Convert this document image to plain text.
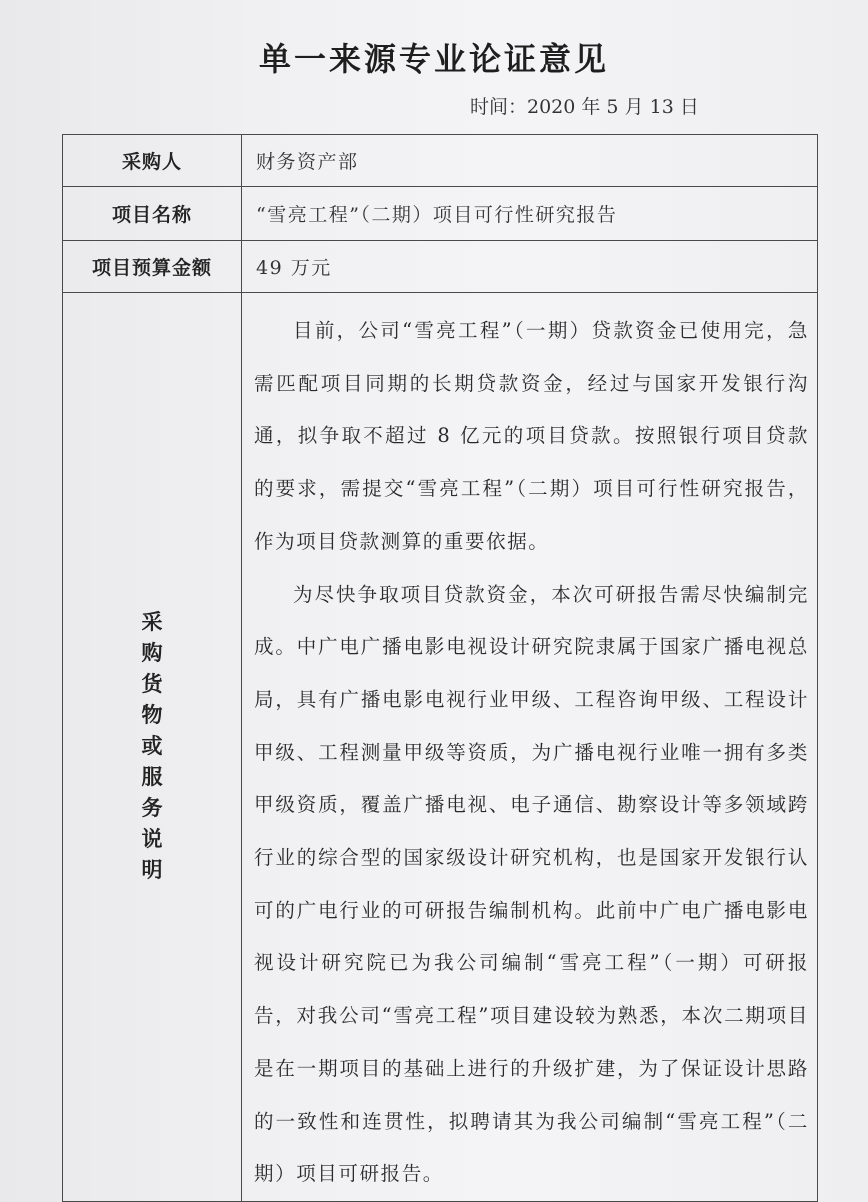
单一来源专业论证意见
时间：2020 年 5 月 13 日
采购人	财务资产部
项目名称	“雪亮工程”（二期）项目可行性研究报告
项目预算金额	49 万元
采购货物或服务说明	目前，公司“雪亮工程”（一期）贷款资金已使用完，急需匹配项目同期的长期贷款资金，经过与国家开发银行沟通，拟争取不超过 8 亿元的项目贷款。按照银行项目贷款的要求，需提交“雪亮工程”（二期）项目可行性研究报告，作为项目贷款测算的重要依据。

为尽快争取项目贷款资金，本次可研报告需尽快编制完成。中广电广播电影电视设计研究院隶属于国家广播电视总局，具有广播电影电视行业甲级、工程咨询甲级、工程设计甲级、工程测量甲级等资质，为广播电视行业唯一拥有多类甲级资质，覆盖广播电视、电子通信、勘察设计等多领域跨行业的综合型的国家级设计研究机构，也是国家开发银行认可的广电行业的可研报告编制机构。此前中广电广播电影电视设计研究院已为我公司编制“雪亮工程”（一期）可研报告，对我公司“雪亮工程”项目建设较为熟悉，本次二期项目是在一期项目的基础上进行的升级扩建，为了保证设计思路的一致性和连贯性，拟聘请其为我公司编制“雪亮工程”（二期）项目可研报告。
